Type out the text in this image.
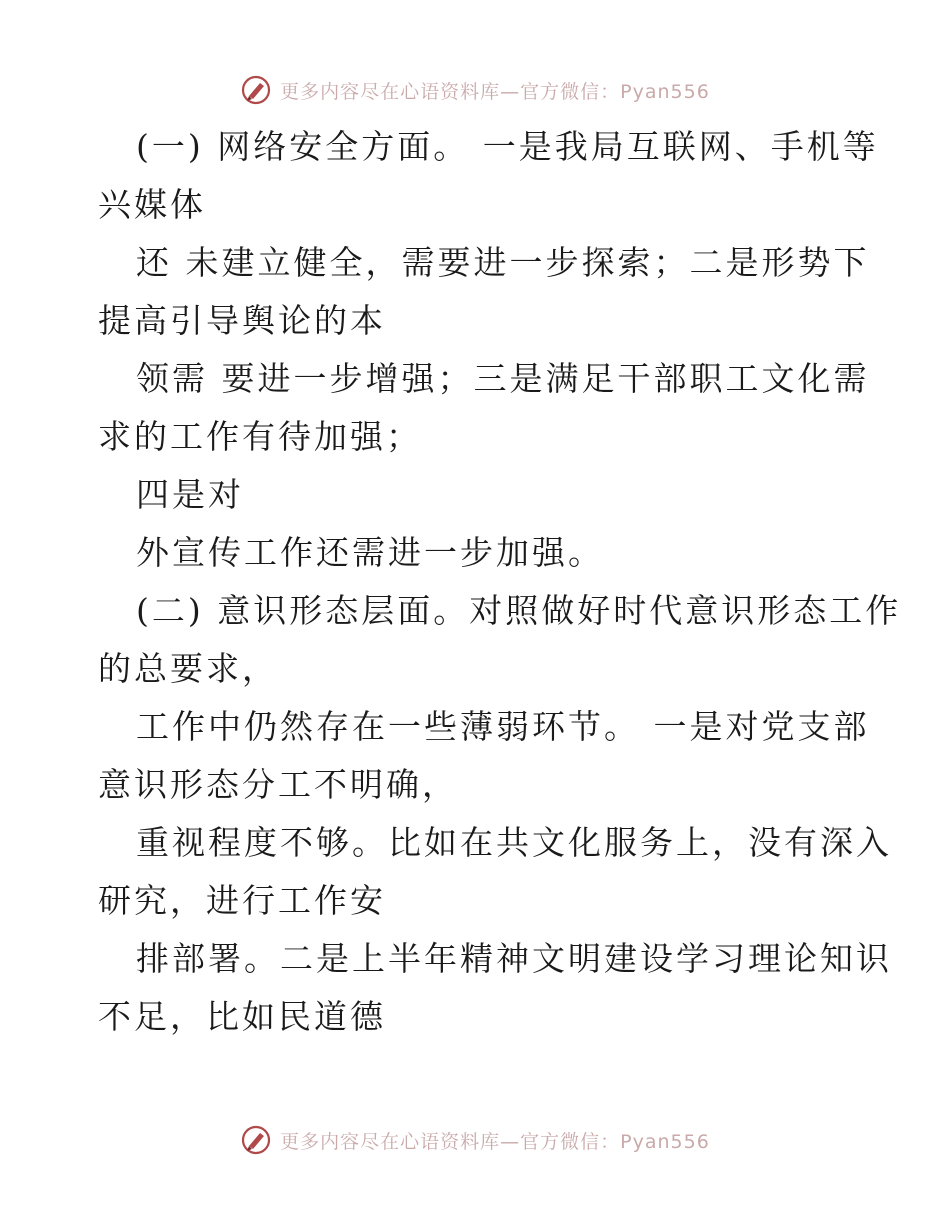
更多内容尽在心语资料库—官方微信：Pyan556
(一) 网络安全方面。 一是我局互联网、手机等
兴媒体
还 未建立健全，需要进一步探索；二是形势下
提高引导舆论的本
领需 要进一步增强；三是满足干部职工文化需
求的工作有待加强；
四是对
外宣传工作还需进一步加强。
(二) 意识形态层面。对照做好时代意识形态工作
的总要求，
工作中仍然存在一些薄弱环节。 一是对党支部
意识形态分工不明确，
重视程度不够。比如在共文化服务上，没有深入
研究，进行工作安
排部署。二是上半年精神文明建设学习理论知识
不足，比如民道德
更多内容尽在心语资料库—官方微信：Pyan556
